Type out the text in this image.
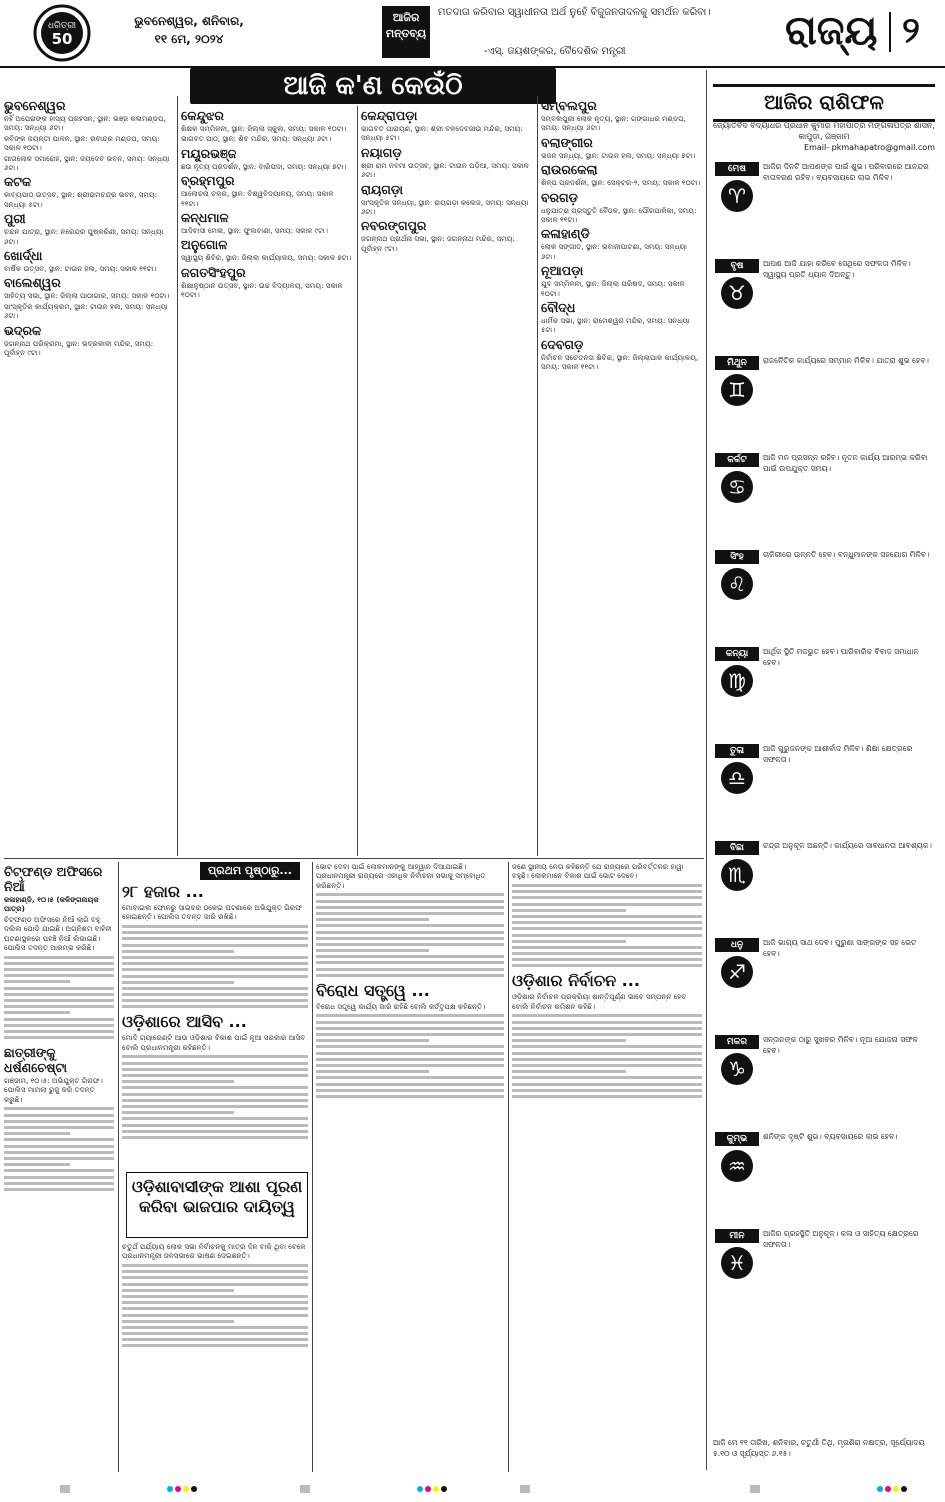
ଧରିତ୍ରୀ
50
ଭୁବନେଶ୍ୱର, ଶନିବାର,
୧୧ ମେ, ୨୦୨୪
ଆଜିର ମନ୍ତବ୍ୟ
ମତଦାତା କରିବାର ସ୍ୱାଧୀନତା ଅର୍ଥ ନୁହେଁ ବିଜୁଜନତାଦଳକୁ ସମର୍ଥନ କରିବା।
-ଏସ୍. ଜୟଶଙ୍କର, ବୈଦେଶିକ ମନ୍ତ୍ରୀ	ରାଜ୍ୟ ୨
ଆଜି କ'ଣ କେଉଁଠି
ଭୁବନେଶ୍ୱର

ନହିଁ ଅପେରାଙ୍କ ହାସ୍ୟ ପ୍ରହସନ, ସ୍ଥାନ: ଭଞ୍ଜ କଳାମଣ୍ଡପ, ସମୟ: ସନ୍ଧ୍ୟା ୬ଟା।

କବିଙ୍କ ଜୟନ୍ତୀ ପାଳନ, ସ୍ଥାନ: ରବୀନ୍ଦ୍ର ମଣ୍ଡପ, ସମୟ: ସକାଳ ୧୦ଟା।

ଗୀତାଲୋକ ସମାରୋହ, ସ୍ଥାନ: ଜୟଦେବ ଭବନ, ସମୟ: ସନ୍ଧ୍ୟା ୬ଟା।

କଟକ

କାବ୍ୟପାଠ ଉତ୍ସବ, ସ୍ଥାନ: ଶ୍ରୀରାମଚନ୍ଦ୍ର ଭବନ, ସମୟ: ସନ୍ଧ୍ୟା ୫ଟା।

ପୁରୀ

ଚନ୍ଦନ ଯାତ୍ରା, ସ୍ଥାନ: ନରେନ୍ଦ୍ର ପୁଷ୍କରିଣୀ, ସମୟ: ସନ୍ଧ୍ୟା ୬ଟା।

ଖୋର୍ଦ୍ଧା

ବାର୍ଷିକ ଉତ୍ସବ, ସ୍ଥାନ: ଟାଉନ ହଲ, ସମୟ: ସକାଳ ୧୧ଟା।

ବାଲେଶ୍ୱର

ସାହିତ୍ୟ ସଭା, ସ୍ଥାନ: ଜିଲ୍ଲା ପାଠାଗାର, ସମୟ: ସକାଳ ୧୦ଟା।

ସାଂସ୍କୃତିକ କାର୍ଯ୍ୟକ୍ରମ, ସ୍ଥାନ: ଟାଉନ ହଲ, ସମୟ: ସନ୍ଧ୍ୟା ୬ଟା।

ଭଦ୍ରକ

ଜଗନ୍ନାଥ ପରିକ୍ରମା, ସ୍ଥାନ: ଭଦ୍ରକାଳୀ ମନ୍ଦିର, ସମୟ: ପୂର୍ବାହ୍ନ ୯ଟା।

କେନ୍ଦୁଝର

ଶିକ୍ଷକ ସମ୍ମିଳନୀ, ସ୍ଥାନ: ଜିଲ୍ଲା ସ୍କୁଲ, ସମୟ: ସକାଳ ୧୦ଟା।

ଭାଗବତ ପାଠ, ସ୍ଥାନ: ଶିବ ମନ୍ଦିର, ସମୟ: ସନ୍ଧ୍ୟା ୬ଟା।

ମୟୂରଭଞ୍ଜ

ଛଉ ନୃତ୍ୟ ପ୍ରଦର୍ଶନ, ସ୍ଥାନ: ବାରିପଦା, ସମୟ: ସନ୍ଧ୍ୟା ୭ଟା।

ବ୍ରହ୍ମପୁର

ଆଲୋଚନା ଚକ୍ର, ସ୍ଥାନ: ବିଶ୍ୱବିଦ୍ୟାଳୟ, ସମୟ: ସକାଳ ୧୧ଟା।

କନ୍ଧମାଳ

ଆଦିବାସୀ ମେଳା, ସ୍ଥାନ: ଫୁଲବାଣୀ, ସମୟ: ସକାଳ ୯ଟା।

ଅନୁଗୋଳ

ସ୍ୱାସ୍ଥ୍ୟ ଶିବିର, ସ୍ଥାନ: ଜିଲ୍ଲା କାର୍ଯ୍ୟାଳୟ, ସମୟ: ସକାଳ ୭ଟା।

ଜଗତସିଂହପୁର

ଶିକ୍ଷାନୁଷ୍ଠାନ ଉତ୍ସବ, ସ୍ଥାନ: ଉଚ୍ଚ ବିଦ୍ୟାଳୟ, ସମୟ: ସକାଳ ୧୦ଟା।

କେନ୍ଦ୍ରାପଡ଼ା

ଭାଗବତ ପାରାୟଣ, ସ୍ଥାନ: ଶ୍ରୀ ବଳଦେବଜୀଉ ମନ୍ଦିର, ସମୟ: ସନ୍ଧ୍ୟା ୫ଟା।

ନୟାଗଡ଼

ଶ୍ରୀ ରାମ ନବମୀ ଉତ୍ସବ, ସ୍ଥାନ: ଟାଉନ ପଡ଼ିଆ, ସମୟ: ସକାଳ ୬ଟା।

ରାୟଗଡ଼ା

ସାଂସ୍କୃତିକ ସନ୍ଧ୍ୟା, ସ୍ଥାନ: ରାୟଗଡ଼ା କଲେଜ, ସମୟ: ସନ୍ଧ୍ୟା ୬ଟା।

ନବରଙ୍ଗପୁର

ଜଗନ୍ନାଥ ପ୍ରାର୍ଥନା ସଭା, ସ୍ଥାନ: ଜଗନ୍ନାଥ ମନ୍ଦିର, ସମୟ: ପୂର୍ବାହ୍ନ ୯ଟା।

ସମ୍ବଲପୁର

ସମ୍ବଲପୁରୀ ଲୋକ ନୃତ୍ୟ, ସ୍ଥାନ: ଗଙ୍ଗାଧର ମଣ୍ଡପ, ସମୟ: ସନ୍ଧ୍ୟା ୬ଟା।

ବଲାଙ୍ଗୀର

ଭଜନ ସନ୍ଧ୍ୟା, ସ୍ଥାନ: ଟାଉନ ହଲ, ସମୟ: ସନ୍ଧ୍ୟା ୭ଟା।

ରାଉରକେଲା

ଶିଳ୍ପ ପ୍ରଦର୍ଶନୀ, ସ୍ଥାନ: ସେକ୍ଟର-୨, ସମୟ: ସକାଳ ୧୦ଟା।

ବରଗଡ଼

ଧନୁଯାତ୍ରା ପ୍ରସ୍ତୁତି ବୈଠକ, ସ୍ଥାନ: ପୌରପାଳିକା, ସମୟ: ସକାଳ ୧୧ଟା।

କଳାହାଣ୍ଡି

ଲୋକ ସଙ୍ଗୀତ, ସ୍ଥାନ: ଭବାନୀପାଟଣା, ସମୟ: ସନ୍ଧ୍ୟା ୬ଟା।

ନୂଆପଡ଼ା

ଯୁବ ସମ୍ମିଳନୀ, ସ୍ଥାନ: ଜିଲ୍ଲା ପରିଷଦ, ସମୟ: ସକାଳ ୧୦ଟା।

ବୌଦ୍ଧ

ଧାର୍ମିକ ସଭା, ସ୍ଥାନ: ରାମେଶ୍ୱର ମନ୍ଦିର, ସମୟ: ସନ୍ଧ୍ୟା ୫ଟା।

ଦେବଗଡ଼

ନିର୍ବାଚନ ସଚେତନତା ଶିବିର, ସ୍ଥାନ: ଜିଲ୍ଲାପାଳ କାର୍ଯ୍ୟାଳୟ, ସମୟ: ସକାଳ ୧୧ଟା।

ଆଜିର ରାଶିଫଳ
ଜ୍ୟୋତିର୍ବିଦ ବିଦ୍ୟାଧର ପ୍ରଧାନ କୁମାର ମହାପାତ୍ର ମଙ୍ଗଳାପତ୍ର ଶାସନ, କାପୁଡ଼ା, ଗଞ୍ଜାମ
Email- pkmahapatro@gmail.com
ମେଷ
♈
ଆଜିର ଦିନଟି ଆପଣଙ୍କ ପାଇଁ ଶୁଭ। ପରିବାରରେ ଆନନ୍ଦର ବାତାବରଣ ରହିବ। ବ୍ୟବସାୟରେ ଲାଭ ମିଳିବ।
ବୃଷ
♉
ଆପଣ ଆଜି ଯାହା କରିବେ ସେଥିରେ ସଫଳତା ମିଳିବ। ସ୍ୱାସ୍ଥ୍ୟ ପ୍ରତି ଧ୍ୟାନ ଦିଅନ୍ତୁ।
ମିଥୁନ
♊
ରାଜନୈତିକ କାର୍ଯ୍ୟରେ ସମ୍ମାନ ମିଳିବ। ଯାତ୍ରା ଶୁଭ ହେବ।
କର୍କଟ
♋
ଆଜି ମନ ପ୍ରସନ୍ନ ରହିବ। ନୂତନ କାର୍ଯ୍ୟ ଆରମ୍ଭ କରିବା ପାଇଁ ଉପଯୁକ୍ତ ସମୟ।
ସିଂହ
♌
ଚାକିରୀରେ ଉନ୍ନତି ହେବ। ବନ୍ଧୁମାନଙ୍କ ସହଯୋଗ ମିଳିବ।
କନ୍ୟା
♍
ଆର୍ଥିକ ସ୍ଥିତି ମଜଭୁତ ହେବ। ପାରିବାରିକ ବିବାଦ ସମାଧାନ ହେବ।
ତୁଳା
♎
ଆଜି ଗୁରୁଜନଙ୍କ ଆଶୀର୍ବାଦ ମିଳିବ। ଶିକ୍ଷା କ୍ଷେତ୍ରରେ ସଫଳତା।
ବିଛା
♏
ଚନ୍ଦ୍ର ଅନୁକୂଳ ଅଛନ୍ତି। କାର୍ଯ୍ୟରେ ସାବଧାନତା ଆବଶ୍ୟକ।
ଧନୁ
♐
ଆଜି ଭାଗ୍ୟ ସାଥ ଦେବ। ପୁରୁଣା ସାଙ୍ଗଙ୍କ ସହ ଭେଟ ହେବ।
ମକର
♑
ସନ୍ତାନଙ୍କ ଠାରୁ ସୁଖବର ମିଳିବ। ନୂଆ ଯୋଜନା ସଫଳ ହେବ।
କୁମ୍ଭ
♒
ଶନିଙ୍କ ଦୃଷ୍ଟି ଶୁଭ। ବ୍ୟବସାୟରେ ଲାଭ ହେବ।
ମୀନ
♓
ଆଜିର ଗ୍ରହସ୍ଥିତି ଅନୁକୂଳ। କଳା ଓ ସାହିତ୍ୟ କ୍ଷେତ୍ରରେ ସଫଳତା।
ଆଜି ମେ ୧୧ ତାରିଖ, ଶନିବାର, ଚତୁର୍ଥୀ ତିଥି, ମୃଗଶିରା ନକ୍ଷତ୍ର, ସୂର୍ଯ୍ୟୋଦୟ ୫.୧୦ ଓ ସୂର୍ଯ୍ୟାସ୍ତ ୬.୧୫।
ପ୍ରଥମ ପୃଷ୍ଠାରୁ...
ଚିଟ୍‌ଫଣ୍ଡ ଅଫିସରେ ନିଆଁ

କଳାହାଣ୍ଡି, ୧୦।୫ (କଳିଙ୍ଗନାୟକ ପାତ୍ର)

ଚିଟ୍‌ଫଣ୍ଡ ଅଫିସରେ ନିଆଁ ଲାଗି ବହୁ ଦଲିଲ ପୋଡ଼ି ଯାଇଛି। ଅଗ୍ନିଶମ ବାହିନୀ ଘଟଣାସ୍ଥଳରେ ପହଞ୍ଚି ନିଆଁ ଲିଭାଇଛି। ପୋଲିସ ତଦନ୍ତ ଆରମ୍ଭ କରିଛି।

ଛାତ୍ରୀଙ୍କୁ ଧର୍ଷଣଚେଷ୍ଟା

ଗଞ୍ଜାମ, ୧୦।୫: ଅଭିଯୁକ୍ତ ଗିରଫ। ପୋଲିସ ମାମଲା ରୁଜୁ କରି ତଦନ୍ତ କରୁଛି।

୨୮ ହଜାର ...

ମୋବାଇଲ ଫୋନରୁ ସାଇବର ଠକେଇ ଘଟଣାରେ ଅଭିଯୁକ୍ତ ଗିରଫ ହୋଇଛନ୍ତି। ପୋଲିସ ତଦନ୍ତ ଜାରି ରଖିଛି।

ଓଡ଼ିଶାରେ ଆସିବ ...

ମୋଦି ଗ୍ୟାରେଣ୍ଟି ଆଉ ଓଡ଼ିଶାର ବିକାଶ ପାଇଁ ନୂଆ ସରକାର ଆସିବ ବୋଲି ପ୍ରଧାନମନ୍ତ୍ରୀ କହିଛନ୍ତି।

ଓଡ଼ିଶାବାସୀଙ୍କ ଆଶା ପୂରଣ କରିବା ଭାଜପାର ଦାୟିତ୍ୱ

ଚତୁର୍ଥ ପର୍ଯ୍ୟାୟ ଲୋକ ସଭା ନିର୍ବାଚନକୁ ମାତ୍ର ଦିନ ବାକି ଥିବା ବେଳେ ପ୍ରଧାନମନ୍ତ୍ରୀ ଜନସଭାରେ ଭାଷଣ ଦେଇଛନ୍ତି।

ଭୋଟ ଦେବା ପାଇଁ ଲୋକମାନଙ୍କୁ ଆହ୍ୱାନ ଦିଆଯାଇଛି। ପ୍ରଧାନମନ୍ତ୍ରୀ ରାଜ୍ୟରେ ଏକାଧିକ ନିର୍ବାଚନୀ ସଭାକୁ ସମ୍ବୋଧିତ କରିଛନ୍ତି।

ବିରୋଧ ସତ୍ତ୍ୱେ ...

ବିରୋଧ ସତ୍ତ୍ୱେ କାର୍ଯ୍ୟ ଜାରି ରହିଛି ବୋଲି କର୍ତ୍ତୃପକ୍ଷ କହିଛନ୍ତି।

ଜଣେ ସ୍ଥାନୀୟ ନେତା କହିଛନ୍ତି ଯେ ରାଜ୍ୟରେ ପରିବର୍ତ୍ତନର ହାୱା ବହୁଛି। ଲୋକମାନେ ବିକାଶ ପାଇଁ ଭୋଟ ଦେବେ।

ଓଡ଼ିଶାର ନିର୍ବାଚନ ...

ଓଡ଼ିଶାର ନିର୍ବାଚନ ପ୍ରକ୍ରିୟା ଶାନ୍ତିପୂର୍ଣ୍ଣ ଭାବେ ସମ୍ପନ୍ନ ହେବ ବୋଲି ନିର୍ବାଚନ କମିଶନ କହିଛି।
